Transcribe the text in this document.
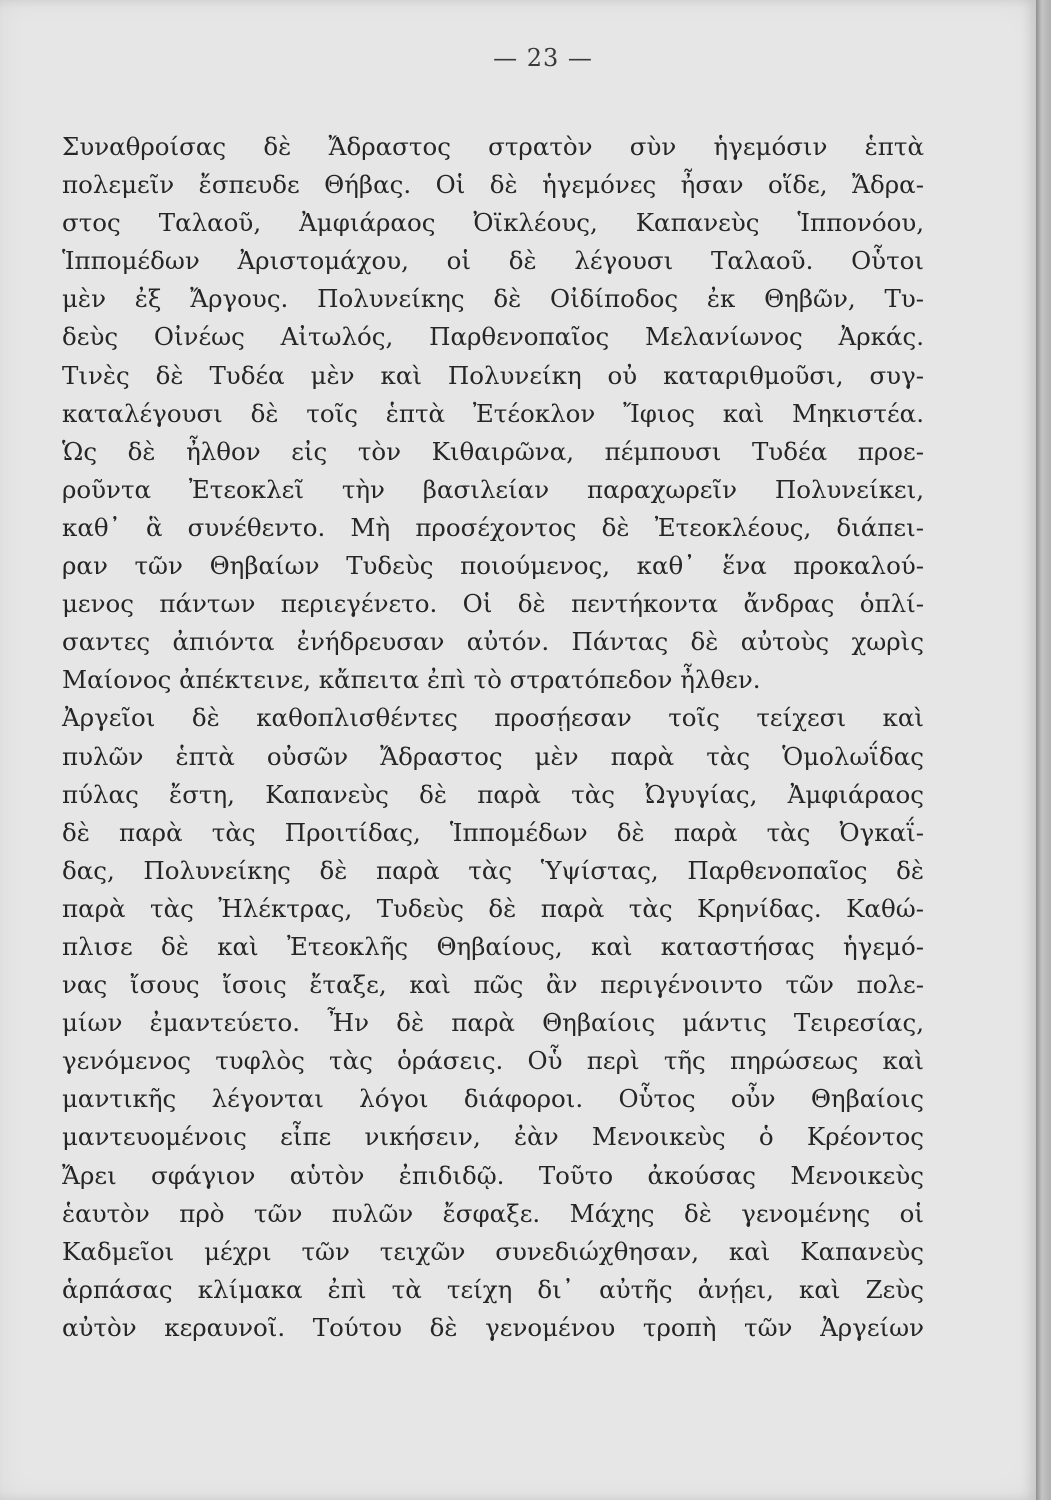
— 23 —
Συναθροίσας δὲ Ἄδραστος στρατὸν σὺν ἡγεμόσιν ἑπτὰ
πολεμεῖν ἔσπευδε Θήβας. Οἱ δὲ ἡγεμόνες ἦσαν οἵδε, Ἄδρα-
στος Ταλαοῦ, Ἀμφιάραος Ὀϊκλέους, Καπανεὺς Ἱππονόου,
Ἱππομέδων Ἀριστομάχου, οἱ δὲ λέγουσι Ταλαοῦ. Οὗτοι
μὲν ἐξ Ἄργους. Πολυνείκης δὲ Οἰδίποδος ἐκ Θηβῶν, Τυ-
δεὺς Οἰνέως Αἰτωλός, Παρθενοπαῖος Μελανίωνος Ἀρκάς.
Τινὲς δὲ Τυδέα μὲν καὶ Πολυνείκη οὐ καταριθμοῦσι, συγ-
καταλέγουσι δὲ τοῖς ἑπτὰ Ἐτέοκλον Ἴφιος καὶ Μηκιστέα.
Ὡς δὲ ἦλθον εἰς τὸν Κιθαιρῶνα, πέμπουσι Τυδέα προε-
ροῦντα Ἐτεοκλεῖ τὴν βασιλείαν παραχωρεῖν Πολυνείκει,
καθ᾽ ἃ συνέθεντο. Μὴ προσέχοντος δὲ Ἐτεοκλέους, διάπει-
ραν τῶν Θηβαίων Τυδεὺς ποιούμενος, καθ᾽ ἕνα προκαλού-
μενος πάντων περιεγένετο. Οἱ δὲ πεντήκοντα ἄνδρας ὁπλί-
σαντες ἀπιόντα ἐνήδρευσαν αὐτόν. Πάντας δὲ αὐτοὺς χωρὶς
Μαίονος ἀπέκτεινε, κἄπειτα ἐπὶ τὸ στρατόπεδον ἦλθεν.
Ἀργεῖοι δὲ καθοπλισθέντες προσῄεσαν τοῖς τείχεσι καὶ
πυλῶν ἑπτὰ οὐσῶν Ἄδραστος μὲν παρὰ τὰς Ὁμολωΐδας
πύλας ἔστη, Καπανεὺς δὲ παρὰ τὰς Ὠγυγίας, Ἀμφιάραος
δὲ παρὰ τὰς Προιτίδας, Ἱππομέδων δὲ παρὰ τὰς Ὀγκαΐ-
δας, Πολυνείκης δὲ παρὰ τὰς Ὑψίστας, Παρθενοπαῖος δὲ
παρὰ τὰς Ἠλέκτρας, Τυδεὺς δὲ παρὰ τὰς Κρηνίδας. Καθώ-
πλισε δὲ καὶ Ἐτεοκλῆς Θηβαίους, καὶ καταστήσας ἡγεμό-
νας ἴσους ἴσοις ἔταξε, καὶ πῶς ἂν περιγένοιντο τῶν πολε-
μίων ἐμαντεύετο. Ἦν δὲ παρὰ Θηβαίοις μάντις Τειρεσίας,
γενόμενος τυφλὸς τὰς ὁράσεις. Οὗ περὶ τῆς πηρώσεως καὶ
μαντικῆς λέγονται λόγοι διάφοροι. Οὗτος οὖν Θηβαίοις
μαντευομένοις εἶπε νικήσειν, ἐὰν Μενοικεὺς ὁ Κρέοντος
Ἄρει σφάγιον αὑτὸν ἐπιδιδῷ. Τοῦτο ἀκούσας Μενοικεὺς
ἑαυτὸν πρὸ τῶν πυλῶν ἔσφαξε. Μάχης δὲ γενομένης οἱ
Καδμεῖοι μέχρι τῶν τειχῶν συνεδιώχθησαν, καὶ Καπανεὺς
ἁρπάσας κλίμακα ἐπὶ τὰ τείχη δι᾽ αὐτῆς ἀνῄει, καὶ Ζεὺς
αὐτὸν κεραυνοῖ. Τούτου δὲ γενομένου τροπὴ τῶν Ἀργείων
